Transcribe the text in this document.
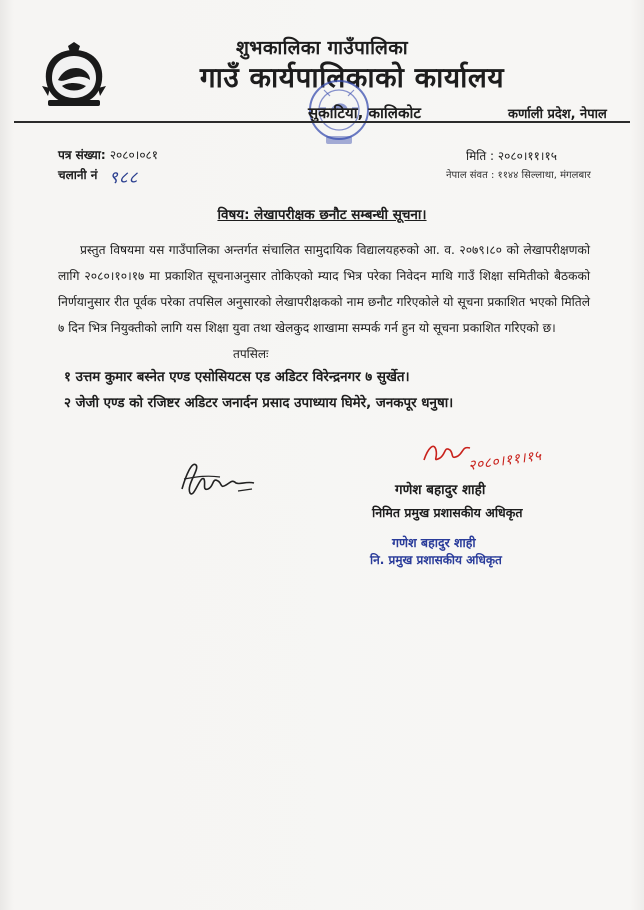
शुभकालिका गाउँपालिका
गाउँ कार्यपालिकाको कार्यालय
सुकाटिया, कालिकोट	कर्णाली प्रदेश, नेपाल
पत्र संख्या: २०८०।०८१
चलानी नं ९८८
मिति : २०८०।११।१५
नेपाल संवत : ११४४ सिल्लाथा, मंगलबार
विषय: लेखापरीक्षक छनौट सम्बन्धी सूचना।
प्रस्तुत विषयमा यस गाउँपालिका अन्तर्गत संचालित सामुदायिक विद्यालयहरुको आ. व. २०७९।८० को लेखापरीक्षणको लागि २०८०।१०।१७ मा प्रकाशित सूचनाअनुसार तोकिएको म्याद भित्र परेका निवेदन माथि गाउँ शिक्षा समितीको बैठकको निर्णयानुसार रीत पूर्वक परेका तपसिल अनुसारको लेखापरीक्षकको नाम छनौट गरिएकोले यो सूचना प्रकाशित भएको मितिले ७ दिन भित्र नियुक्तीको लागि यस शिक्षा युवा तथा खेलकुद शाखामा सम्पर्क गर्न हुन यो सूचना प्रकाशित गरिएको छ।
तपसिलः
१ उत्तम कुमार बस्नेत एण्ड एसोसियटस एड अडिटर विरेन्द्रनगर ७ सुर्खेत।
२ जेजी एण्ड को रजिष्टर अडिटर जनार्दन प्रसाद उपाध्याय घिमेरे, जनकपूर धनुषा।
२०८०।११।१५
गणेश बहादुर शाही
निमित प्रमुख प्रशासकीय अधिकृत
गणेश बहादुर शाही
नि. प्रमुख प्रशासकीय अधिकृत
